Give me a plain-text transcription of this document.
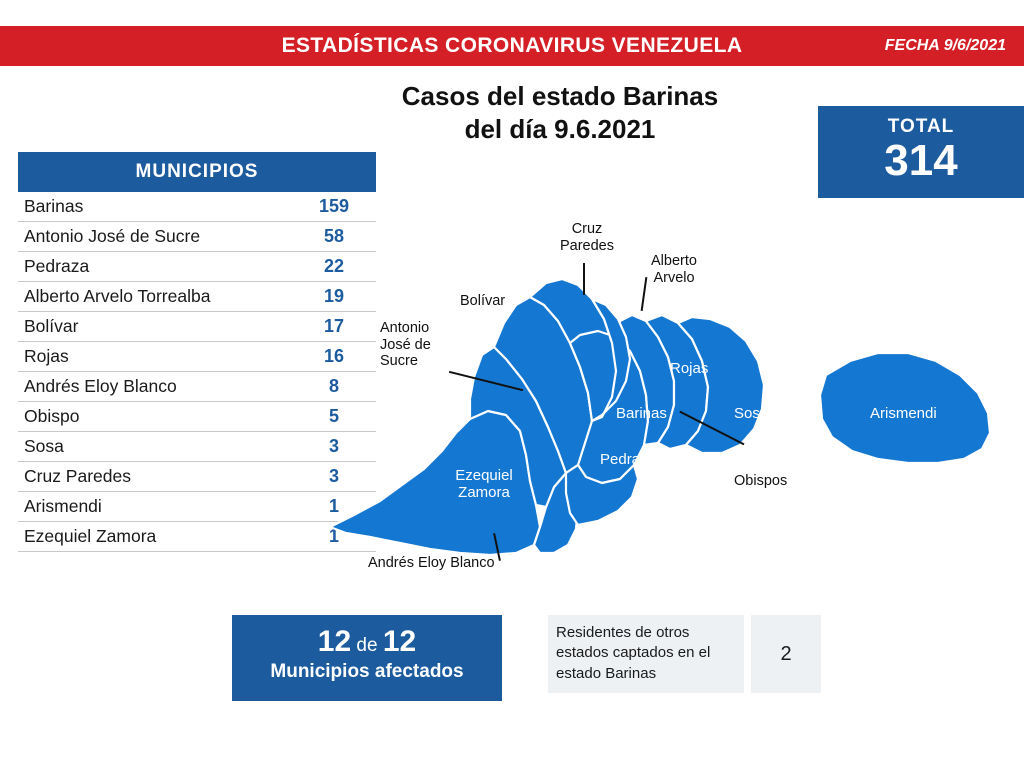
ESTADÍSTICAS CORONAVIRUS VENEZUELA	FECHA 9/6/2021
Casos del estado Barinas
del día 9.6.2021	TOTAL
314
MUNICIPIOS
Barinas	159
Antonio José de Sucre	58
Pedraza	22
Alberto Arvelo Torrealba	19
Bolívar	17
Rojas	16
Andrés Eloy Blanco	8
Obispo	5
Sosa	3
Cruz Paredes	3
Arismendi	1
Ezequiel Zamora	1
Cruz
Paredes
Alberto
Arvelo
Bolívar
Antonio
José de
Sucre	Rojas
Barinas	Sosa	Arismendi
Pedraza
Ezequiel
Zamora
Obispos
Andrés Eloy Blanco
12 de 12
Municipios afectados
Residentes de otros estados captados en el estado Barinas
2
